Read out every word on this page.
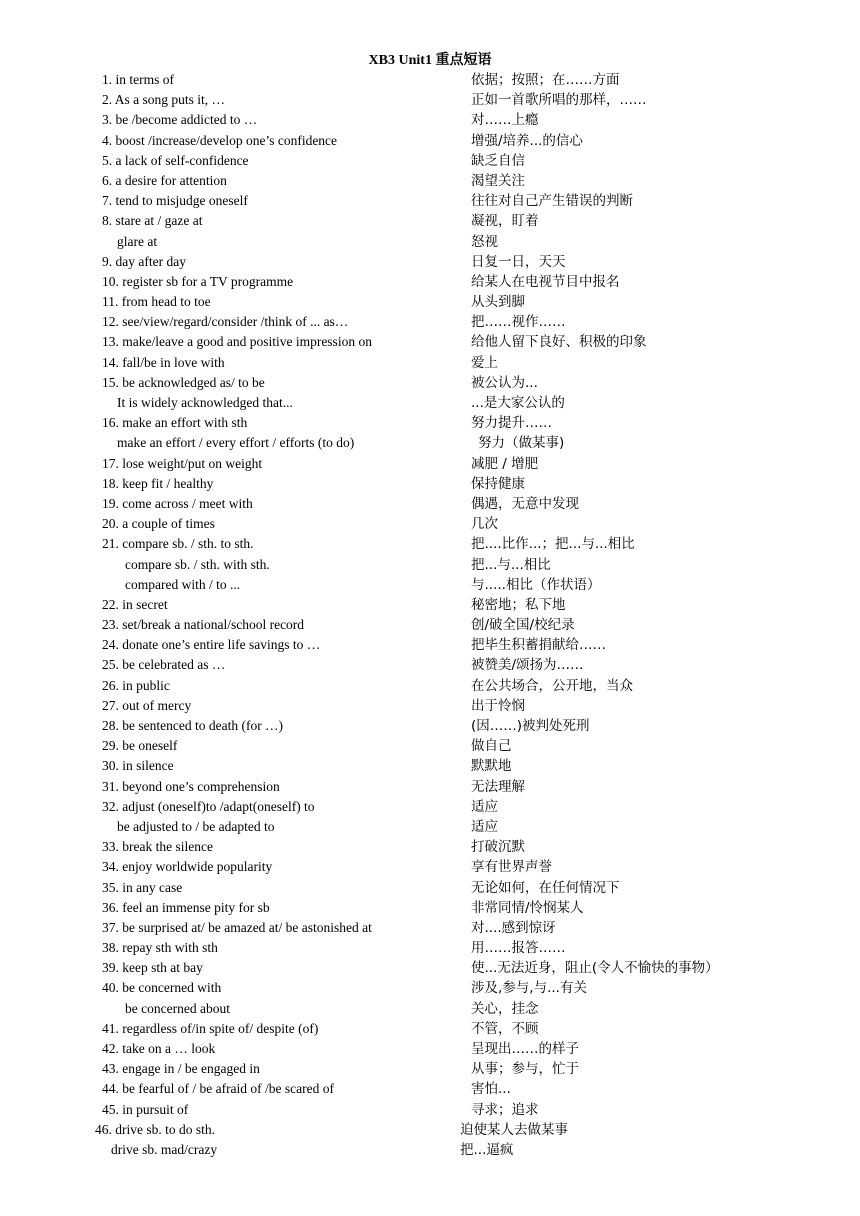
XB3 Unit1 重点短语
1. in terms of	依据；按照；在……方面
2. As a song puts it, …	正如一首歌所唱的那样，……
3. be /become addicted to …	对……上瘾
4. boost /increase/develop one’s confidence	增强/培养...的信心
5. a lack of self-confidence	缺乏自信
6. a desire for attention	渴望关注
7. tend to misjudge oneself	往往对自己产生错误的判断
8. stare at / gaze at	凝视，盯着
glare at	怒视
9. day after day	日复一日，天天
10. register sb for a TV programme	给某人在电视节目中报名
11. from head to toe	从头到脚
12. see/view/regard/consider /think of ... as…	把……视作……
13. make/leave a good and positive impression on	给他人留下良好、积极的印象
14. fall/be in love with	爱上
15. be acknowledged as/ to be	被公认为...
It is widely acknowledged that...	...是大家公认的
16. make an effort with sth	努力提升……
make an effort / every effort / efforts (to do)	努力（做某事)
17. lose weight/put on weight	减肥 / 增肥
18. keep fit / healthy	保持健康
19. come across / meet with	偶遇，无意中发现
20. a couple of times	几次
21. compare sb. / sth. to sth.	把....比作...；把...与...相比
compare sb. / sth. with sth.	把...与...相比
compared with / to ...	与.....相比（作状语）
22. in secret	秘密地；私下地
23. set/break a national/school record	创/破全国/校纪录
24. donate one’s entire life savings to …	把毕生积蓄捐献给……
25. be celebrated as …	被赞美/颂扬为……
26. in public	在公共场合，公开地，当众
27. out of mercy	出于怜悯
28. be sentenced to death (for …)	(因……)被判处死刑
29. be oneself	做自己
30. in silence	默默地
31. beyond one’s comprehension	无法理解
32. adjust (oneself)to /adapt(oneself) to	适应
be adjusted to / be adapted to	适应
33. break the silence	打破沉默
34. enjoy worldwide popularity	享有世界声誉
35. in any case	无论如何，在任何情况下
36. feel an immense pity for sb	非常同情/怜悯某人
37. be surprised at/ be amazed at/ be astonished at	对....感到惊讶
38. repay sth with sth	用……报答……
39. keep sth at bay	使...无法近身，阻止(令人不愉快的事物）
40. be concerned with	涉及,参与,与...有关
be concerned about	关心，挂念
41. regardless of/in spite of/ despite (of)	不管，不顾
42. take on a … look	呈现出……的样子
43. engage in / be engaged in	从事；参与，忙于
44. be fearful of / be afraid of /be scared of	害怕...
45. in pursuit of	寻求；追求
46. drive sb. to do sth.	迫使某人去做某事
drive sb. mad/crazy	把...逼疯
